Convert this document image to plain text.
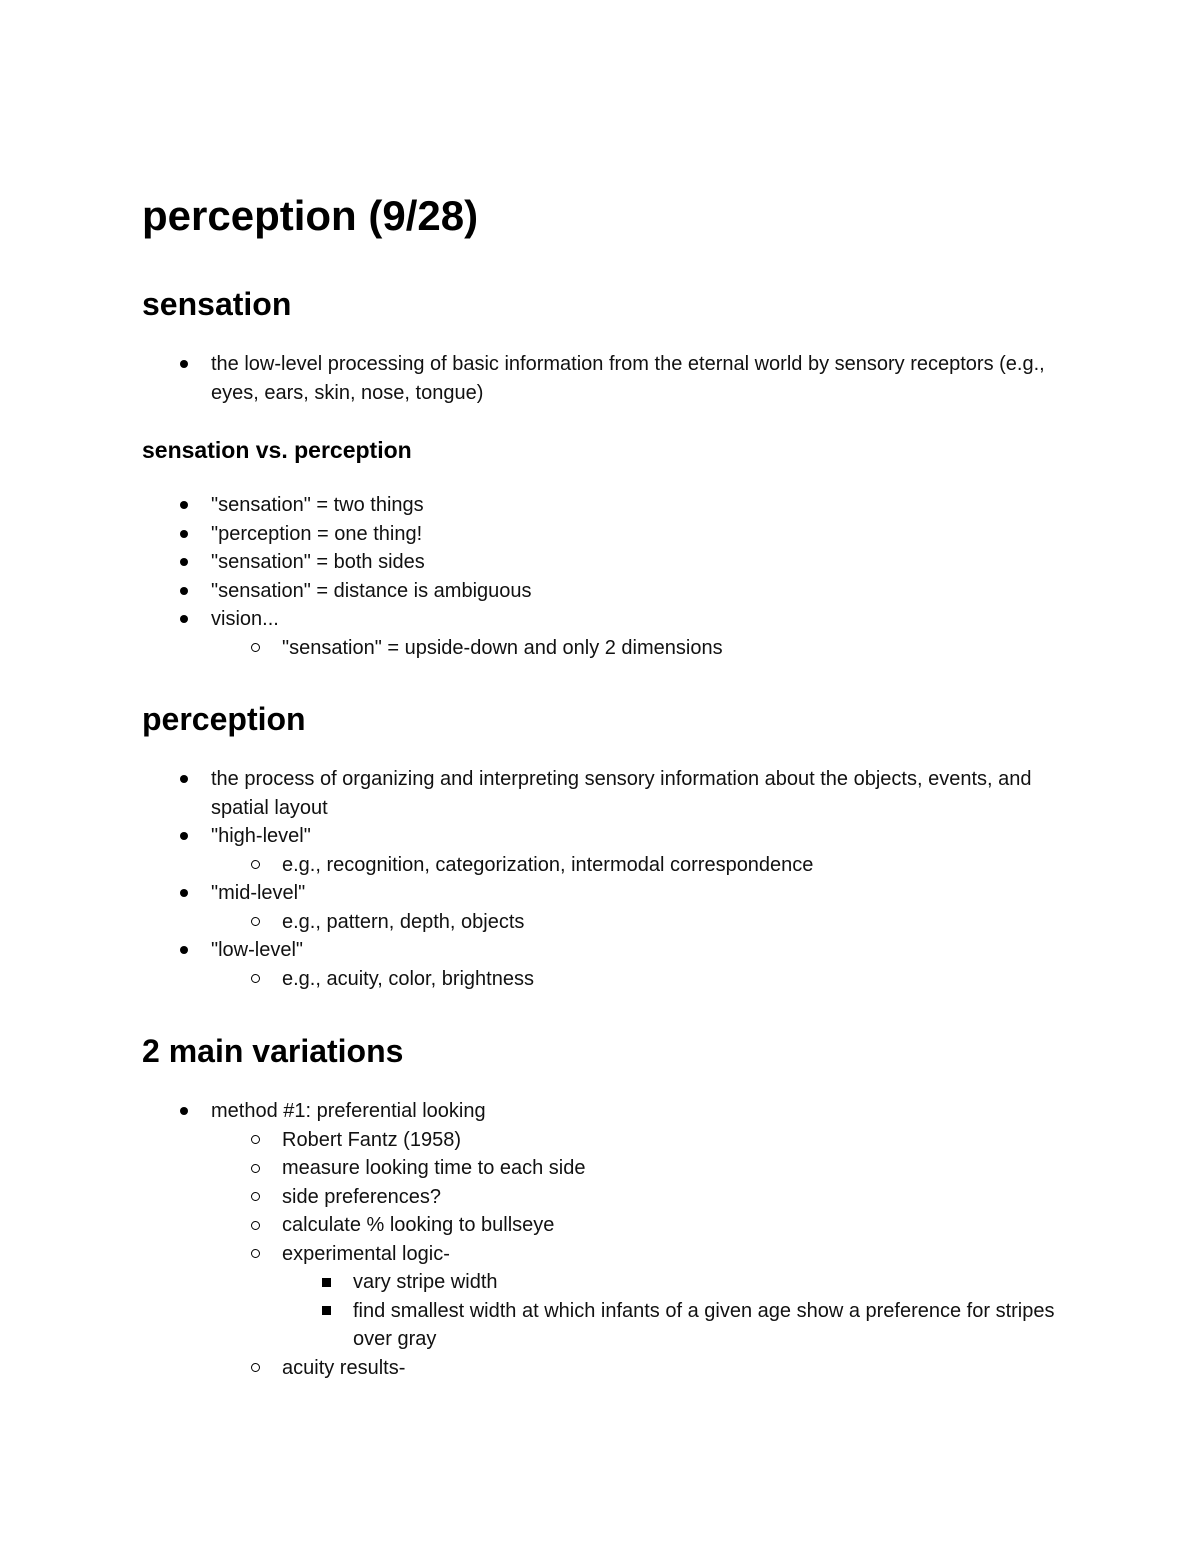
perception (9/28)
sensation
the low-level processing of basic information from the eternal world by sensory receptors (e.g., eyes, ears, skin, nose, tongue)
sensation vs. perception
"sensation" = two things
"perception = one thing!
"sensation" = both sides
"sensation" = distance is ambiguous
vision...
"sensation" = upside-down and only 2 dimensions
perception
the process of organizing and interpreting sensory information about the objects, events, and spatial layout
"high-level"
e.g., recognition, categorization, intermodal correspondence
"mid-level"
e.g., pattern, depth, objects
"low-level"
e.g., acuity, color, brightness
2 main variations
method #1: preferential looking
Robert Fantz (1958)
measure looking time to each side
side preferences?
calculate % looking to bullseye
experimental logic-
vary stripe width
find smallest width at which infants of a given age show a preference for stripes over gray
acuity results-
